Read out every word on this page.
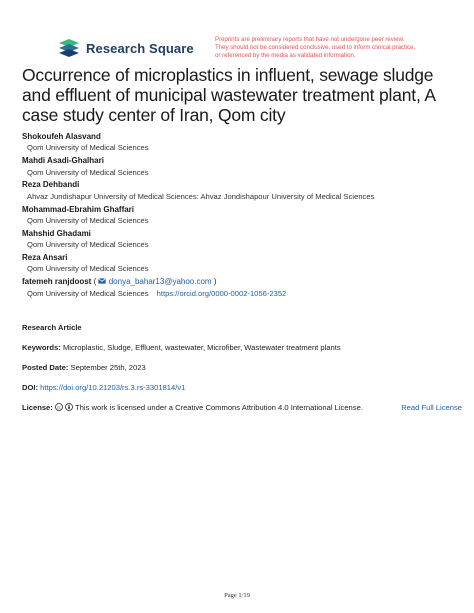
Research Square
Preprints are preliminary reports that have not undergone peer review.
They should not be considered conclusive, used to inform clinical practice,
or referenced by the media as validated information.
Occurrence of microplastics in influent, sewage sludge and effluent of municipal wastewater treatment plant, A case study center of Iran, Qom city
Shokoufeh Alasvand
Qom University of Medical Sciences
Mahdi Asadi-Ghalhari
Qom University of Medical Sciences
Reza Dehbandi
Ahvaz Jundishapur University of Medical Sciences: Ahvaz Jondishapour University of Medical Sciences
Mohammad-Ebrahim Ghaffari
Qom University of Medical Sciences
Mahshid Ghadami
Qom University of Medical Sciences
Reza Ansari
Qom University of Medical Sciences
fatemeh ranjdoost ( donya_bahar13@yahoo.com )
Qom University of Medical Sciences https://orcid.org/0000-0002-1056-2352
Research Article
Keywords: Microplastic, Sludge, Effluent, wastewater, Microfiber, Wastewater treatment plants
Posted Date: September 25th, 2023
DOI: https://doi.org/10.21203/rs.3.rs-3301814/v1
License: cc This work is licensed under a Creative Commons Attribution 4.0 International License.	Read Full License
Page 1/19
